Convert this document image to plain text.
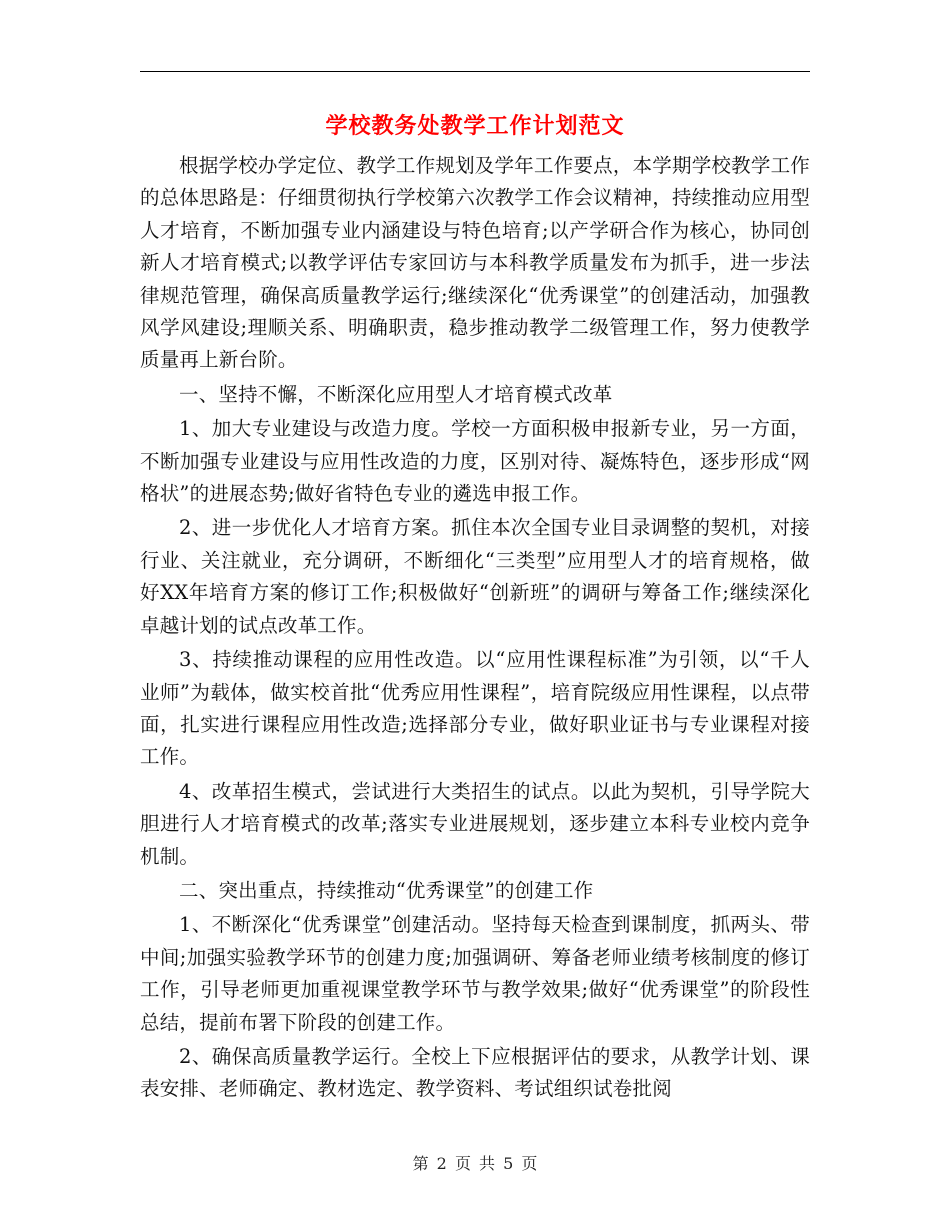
学校教务处教学工作计划范文

根据学校办学定位、教学工作规划及学年工作要点，本学期学校教学工作的总体思路是：仔细贯彻执行学校第六次教学工作会议精神，持续推动应用型人才培育，不断加强专业内涵建设与特色培育;以产学研合作为核心，协同创新人才培育模式;以教学评估专家回访与本科教学质量发布为抓手，进一步法律规范管理，确保高质量教学运行;继续深化“优秀课堂”的创建活动，加强教风学风建设;理顺关系、明确职责，稳步推动教学二级管理工作，努力使教学质量再上新台阶。

一、坚持不懈，不断深化应用型人才培育模式改革

1、加大专业建设与改造力度。学校一方面积极申报新专业，另一方面，不断加强专业建设与应用性改造的力度，区别对待、凝炼特色，逐步形成“网格状”的进展态势;做好省特色专业的遴选申报工作。

2、进一步优化人才培育方案。抓住本次全国专业目录调整的契机，对接行业、关注就业，充分调研，不断细化“三类型”应用型人才的培育规格，做好XX年培育方案的修订工作;积极做好“创新班”的调研与筹备工作;继续深化卓越计划的试点改革工作。

3、持续推动课程的应用性改造。以“应用性课程标准”为引领，以“千人业师”为载体，做实校首批“优秀应用性课程”，培育院级应用性课程，以点带面，扎实进行课程应用性改造;选择部分专业，做好职业证书与专业课程对接工作。

4、改革招生模式，尝试进行大类招生的试点。以此为契机，引导学院大胆进行人才培育模式的改革;落实专业进展规划，逐步建立本科专业校内竞争机制。

二、突出重点，持续推动“优秀课堂”的创建工作

1、不断深化“优秀课堂”创建活动。坚持每天检查到课制度，抓两头、带中间;加强实验教学环节的创建力度;加强调研、筹备老师业绩考核制度的修订工作，引导老师更加重视课堂教学环节与教学效果;做好“优秀课堂”的阶段性总结，提前布署下阶段的创建工作。

2、确保高质量教学运行。全校上下应根据评估的要求，从教学计划、课表安排、老师确定、教材选定、教学资料、考试组织试卷批阅

第 2 页 共 5 页
